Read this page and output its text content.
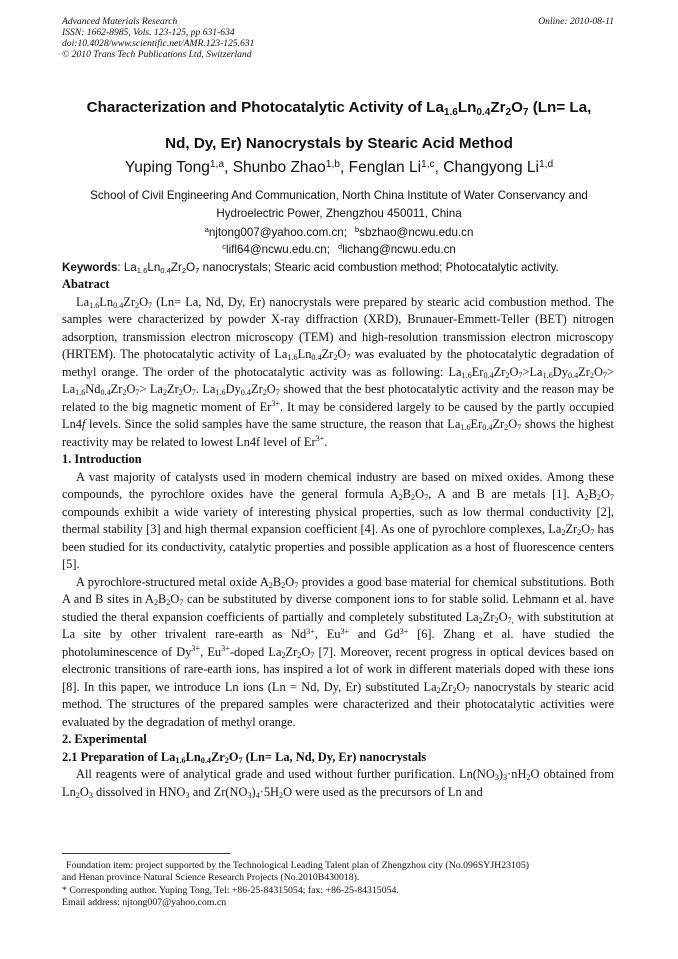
Advanced Materials Research
ISSN: 1662-8985, Vols. 123-125, pp 631-634
doi:10.4028/www.scientific.net/AMR.123-125.631
© 2010 Trans Tech Publications Ltd, Switzerland
Online: 2010-08-11
Characterization and Photocatalytic Activity of $La_{1.6}Ln_{0.4}Zr_2O_7$ (Ln= La,
Nd, Dy, Er) Nanocrystals by Stearic Acid Method
Yuping Tong$^{1,a}$, Shunbo Zhao$^{1,b}$, Fenglan Li$^{1,c}$, Changyong Li$^{1,d}$
School of Civil Engineering And Communication, North China Institute of Water Conservancy and
Hydroelectric Power, Zhengzhou 450011, China
$^a$njtong007@yahoo.com.cn; $^b$sbzhao@ncwu.edu.cn
$^c$lifl64@ncwu.edu.cn; $^d$lichang@ncwu.edu.cn
Keywords: $La_{1.6}Ln_{0.4}Zr_2O_7$ nanocrystals; Stearic acid combustion method; Photocatalytic activity.
Abatract

$La_{1.6}Ln_{0.4}Zr_2O_7$ (Ln= La, Nd, Dy, Er) nanocrystals were prepared by stearic acid combustion method. The samples were characterized by powder X-ray diffraction (XRD), Brunauer-Emmett-Teller (BET) nitrogen adsorption, transmission electron microscopy (TEM) and high-resolution transmission electron microscopy (HRTEM). The photocatalytic activity of $La_{1.6}Ln_{0.4}Zr_2O_7$ was evaluated by the photocatalytic degradation of methyl orange. The order of the photocatalytic activity was as following: $La_{1.6}Er_{0.4}Zr_2O_7>La_{1.6}Dy_{0.4}Zr_2O_7> La_{1.6}Nd_{0.4}Zr_2O_7> La_2Zr_2O_7$. $La_{1.6}Dy_{0.4}Zr_2O_7$ showed that the best photocatalytic activity and the reason may be related to the big magnetic moment of $Er^{3+}$. It may be considered largely to be caused by the partly occupied Ln4f levels. Since the solid samples have the same structure, the reason that $La_{1.6}Er_{0.4}Zr_2O_7$ shows the highest reactivity may be related to lowest Ln4f level of $Er^{3+}$.

1. Introduction

A vast majority of catalysts used in modern chemical industry are based on mixed oxides. Among these compounds, the pyrochlore oxides have the general formula $A_2B_2O_7$, A and B are metals [1]. $A_2B_2O_7$ compounds exhibit a wide variety of interesting physical properties, such as low thermal conductivity [2], thermal stability [3] and high thermal expansion coefficient [4]. As one of pyrochlore complexes, $La_2Zr_2O_7$ has been studied for its conductivity, catalytic properties and possible application as a host of fluorescence centers [5].

A pyrochlore-structured metal oxide $A_2B_2O_7$ provides a good base material for chemical substitutions. Both A and B sites in $A_2B_2O_7$ can be substituted by diverse component ions to for stable solid. Lehmann et al. have studied the theral expansion coefficients of partially and completely substituted $La_2Zr_2O_{7,}$ with substitution at La site by other trivalent rare-earth as $Nd^{3+}$, $Eu^{3+}$ and $Gd^{3+}$ [6]. Zhang et al. have studied the photoluminescence of $Dy^{3+}$, $Eu^{3+}$-doped $La_2Zr_2O_7$ [7]. Moreover, recent progress in optical devices based on electronic transitions of rare-earth ions, has inspired a lot of work in different materials doped with these ions [8]. In this paper, we introduce Ln ions (Ln = Nd, Dy, Er) substituted $La_2Zr_2O_7$ nanocrystals by stearic acid method. The structures of the prepared samples were characterized and their photocatalytic activities were evaluated by the degradation of methyl orange.

2. Experimental
2.1 Preparation of $La_{1.6}Ln_{0.4}Zr_2O_7$ (Ln= La, Nd, Dy, Er) nanocrystals

All reagents were of analytical grade and used without further purification. $Ln(NO_3)_3\cdot nH_2O$ obtained from $Ln_2O_3$ dissolved in $HNO_3$ and $Zr(NO_3)_4\cdot 5H_2O$ were used as the precursors of Ln and

Foundation item: project supported by the Technological Leading Talent plan of Zhengzhou city (No.096SYJH23105)
and Henan province Natural Science Research Projects (No.2010B430018).
* Corresponding author. Yuping Tong, Tel: +86-25-84315054; fax: +86-25-84315054.
Email address: njtong007@yahoo.com.cn
